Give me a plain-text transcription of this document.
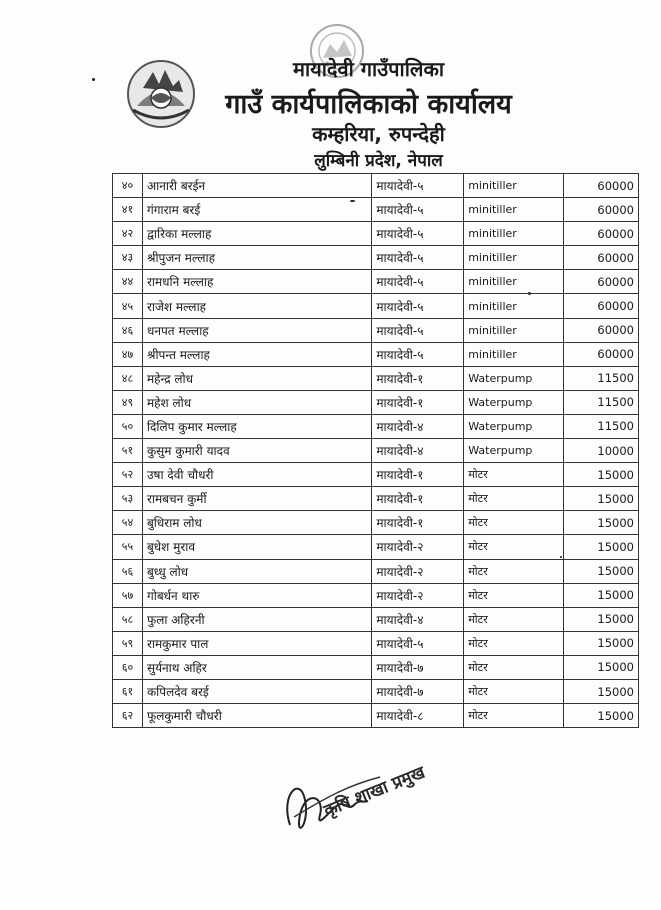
मायादेवी गाउँपालिका
गाउँ कार्यपालिकाको कार्यालय
कम्हरिया, रुपन्देही
लुम्बिनी प्रदेश, नेपाल
४०	आनारी बरईन	मायादेवी-५	minitiller	60000
४१	गंगाराम बरई	मायादेवी-५	minitiller	60000
४२	द्वारिका मल्लाह	मायादेवी-५	minitiller	60000
४३	श्रीपुजन मल्लाह	मायादेवी-५	minitiller	60000
४४	रामधनि मल्लाह	मायादेवी-५	minitiller	60000
४५	राजेश मल्लाह	मायादेवी-५	minitiller	60000
४६	धनपत मल्लाह	मायादेवी-५	minitiller	60000
४७	श्रीपन्त मल्लाह	मायादेवी-५	minitiller	60000
४८	महेन्द्र लोध	मायादेवी-१	Waterpump	11500
४९	महेश लोध	मायादेवी-१	Waterpump	11500
५०	दिलिप कुमार मल्लाह	मायादेवी-४	Waterpump	11500
५१	कुसुम कुमारी यादव	मायादेवी-४	Waterpump	10000
५२	उषा देवी चौधरी	मायादेवी-१	मोटर	15000
५३	रामबचन कुर्मी	मायादेवी-१	मोटर	15000
५४	बुधिराम लोध	मायादेवी-१	मोटर	15000
५५	बुधेश मुराव	मायादेवी-२	मोटर	15000
५६	बुध्धु लोध	मायादेवी-२	मोटर	15000
५७	गोबर्धन थारु	मायादेवी-२	मोटर	15000
५८	फुला अहिरनी	मायादेवी-४	मोटर	15000
५९	रामकुमार पाल	मायादेवी-५	मोटर	15000
६०	सुर्यनाथ अहिर	मायादेवी-७	मोटर	15000
६१	कपिलदेव बरई	मायादेवी-७	मोटर	15000
६२	फूलकुमारी चौधरी	मायादेवी-८	मोटर	15000
कृषि शाखा प्रमुख
